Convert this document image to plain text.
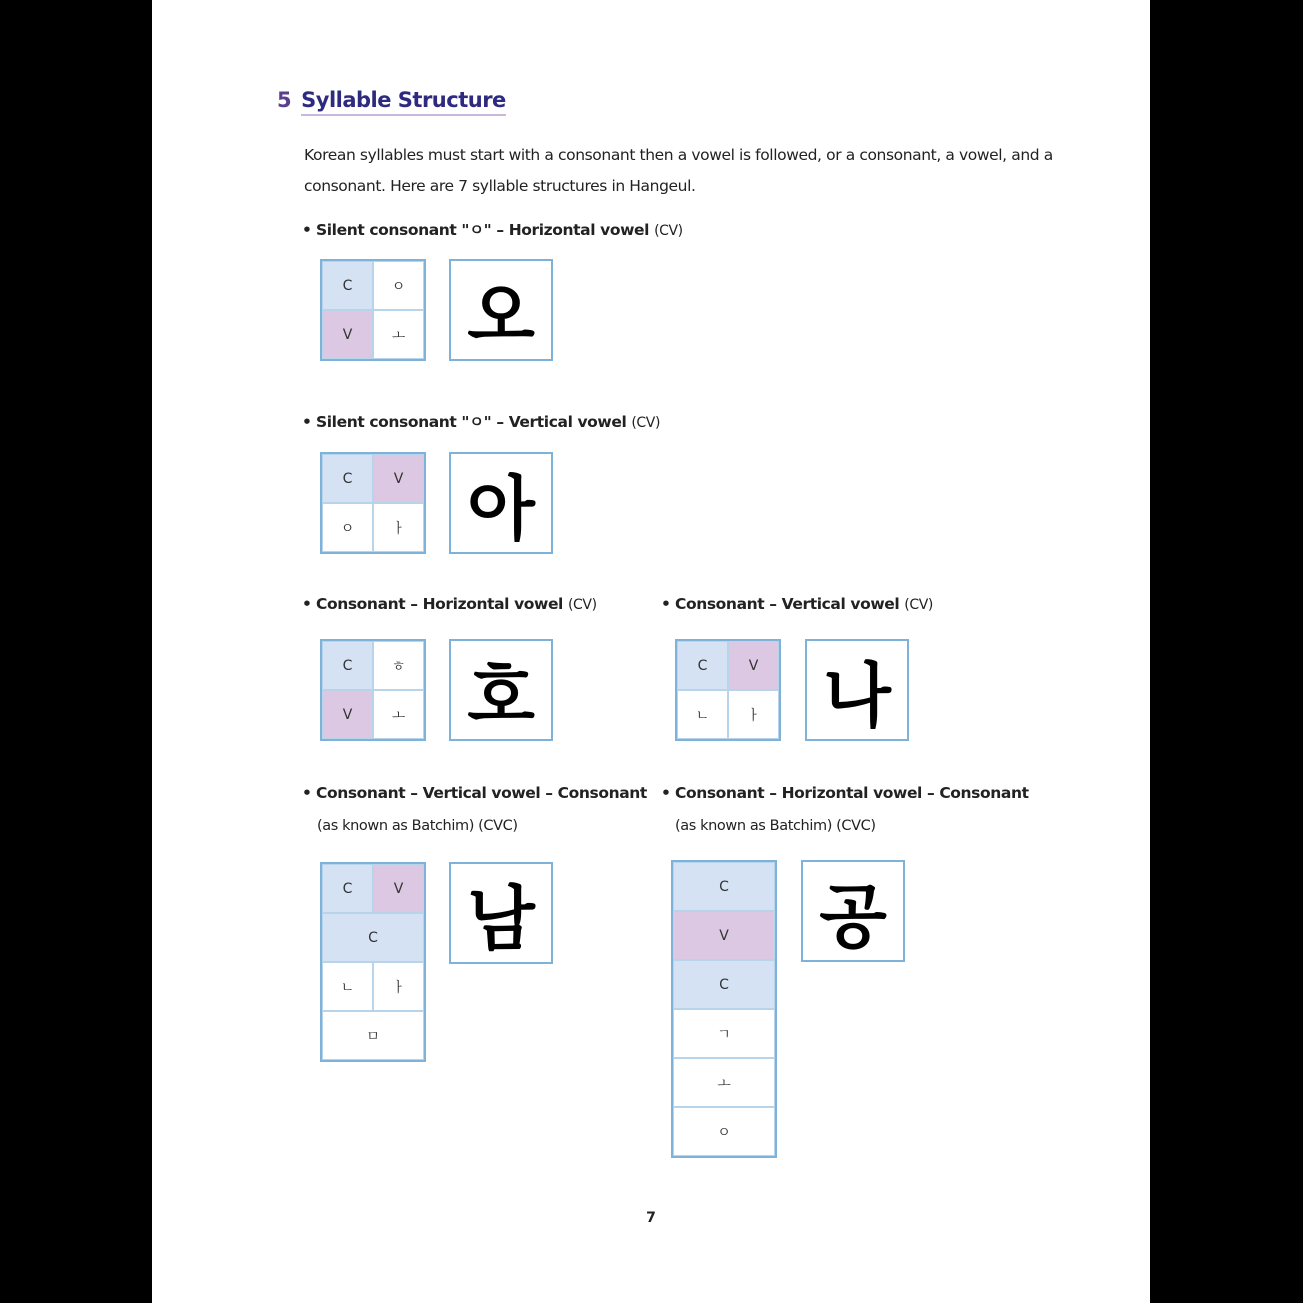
5 Syllable Structure
Korean syllables must start with a consonant then a vowel is followed, or a consonant, a vowel, and a consonant. Here are 7 syllable structures in Hangeul.
• Silent consonant "ㅇ" – Horizontal vowel (CV)
C	ㅇ
V	ㅗ 오
• Silent consonant "ㅇ" – Vertical vowel (CV)
C	V
ㅇ	ㅏ 아
• Consonant – Horizontal vowel (CV)
C	ㅎ
V	ㅗ 호
• Consonant – Vertical vowel (CV)
C	V
ㄴ	ㅏ 나
• Consonant – Vertical vowel – Consonant
(as known as Batchim) (CVC)
C	V
C
ㄴ	ㅏ
ㅁ
남
• Consonant – Horizontal vowel – Consonant
(as known as Batchim) (CVC)
C
V
C
ㄱ
ㅗ
ㅇ
공
7
